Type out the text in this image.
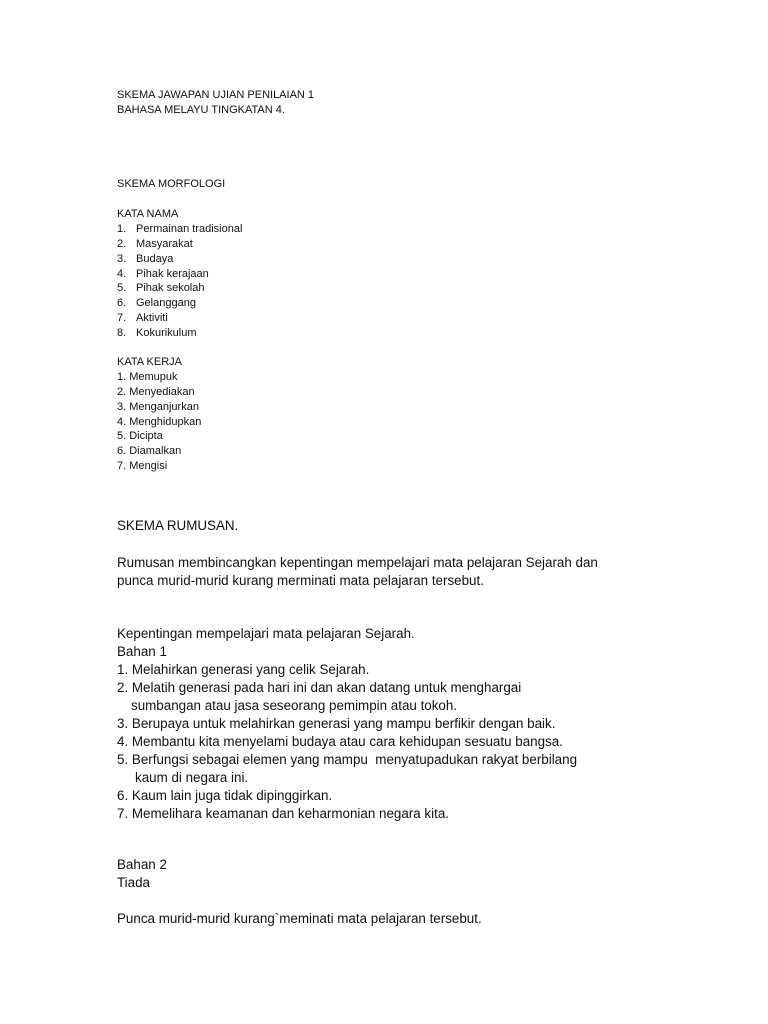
SKEMA JAWAPAN UJIAN PENILAIAN 1
BAHASA MELAYU TINGKATAN 4.
SKEMA MORFOLOGI
KATA NAMA
1. Permainan tradisional
2. Masyarakat
3. Budaya
4. Pihak kerajaan
5. Pihak sekolah
6. Gelanggang
7. Aktiviti
8. Kokurikulum
KATA KERJA
1. Memupuk
2. Menyediakan
3. Menganjurkan
4. Menghidupkan
5. Dicipta
6. Diamalkan
7. Mengisi
SKEMA RUMUSAN.
Rumusan membincangkan kepentingan mempelajari mata pelajaran Sejarah dan
punca murid-murid kurang merminati mata pelajaran tersebut.
Kepentingan mempelajari mata pelajaran Sejarah.
Bahan 1
1. Melahirkan generasi yang celik Sejarah.
2. Melatih generasi pada hari ini dan akan datang untuk menghargai
sumbangan atau jasa seseorang pemimpin atau tokoh.
3. Berupaya untuk melahirkan generasi yang mampu berfikir dengan baik.
4. Membantu kita menyelami budaya atau cara kehidupan sesuatu bangsa.
5. Berfungsi sebagai elemen yang mampu  menyatupadukan rakyat berbilang
kaum di negara ini.
6. Kaum lain juga tidak dipinggirkan.
7. Memelihara keamanan dan keharmonian negara kita.
Bahan 2
Tiada
Punca murid-murid kurang`meminati mata pelajaran tersebut.
